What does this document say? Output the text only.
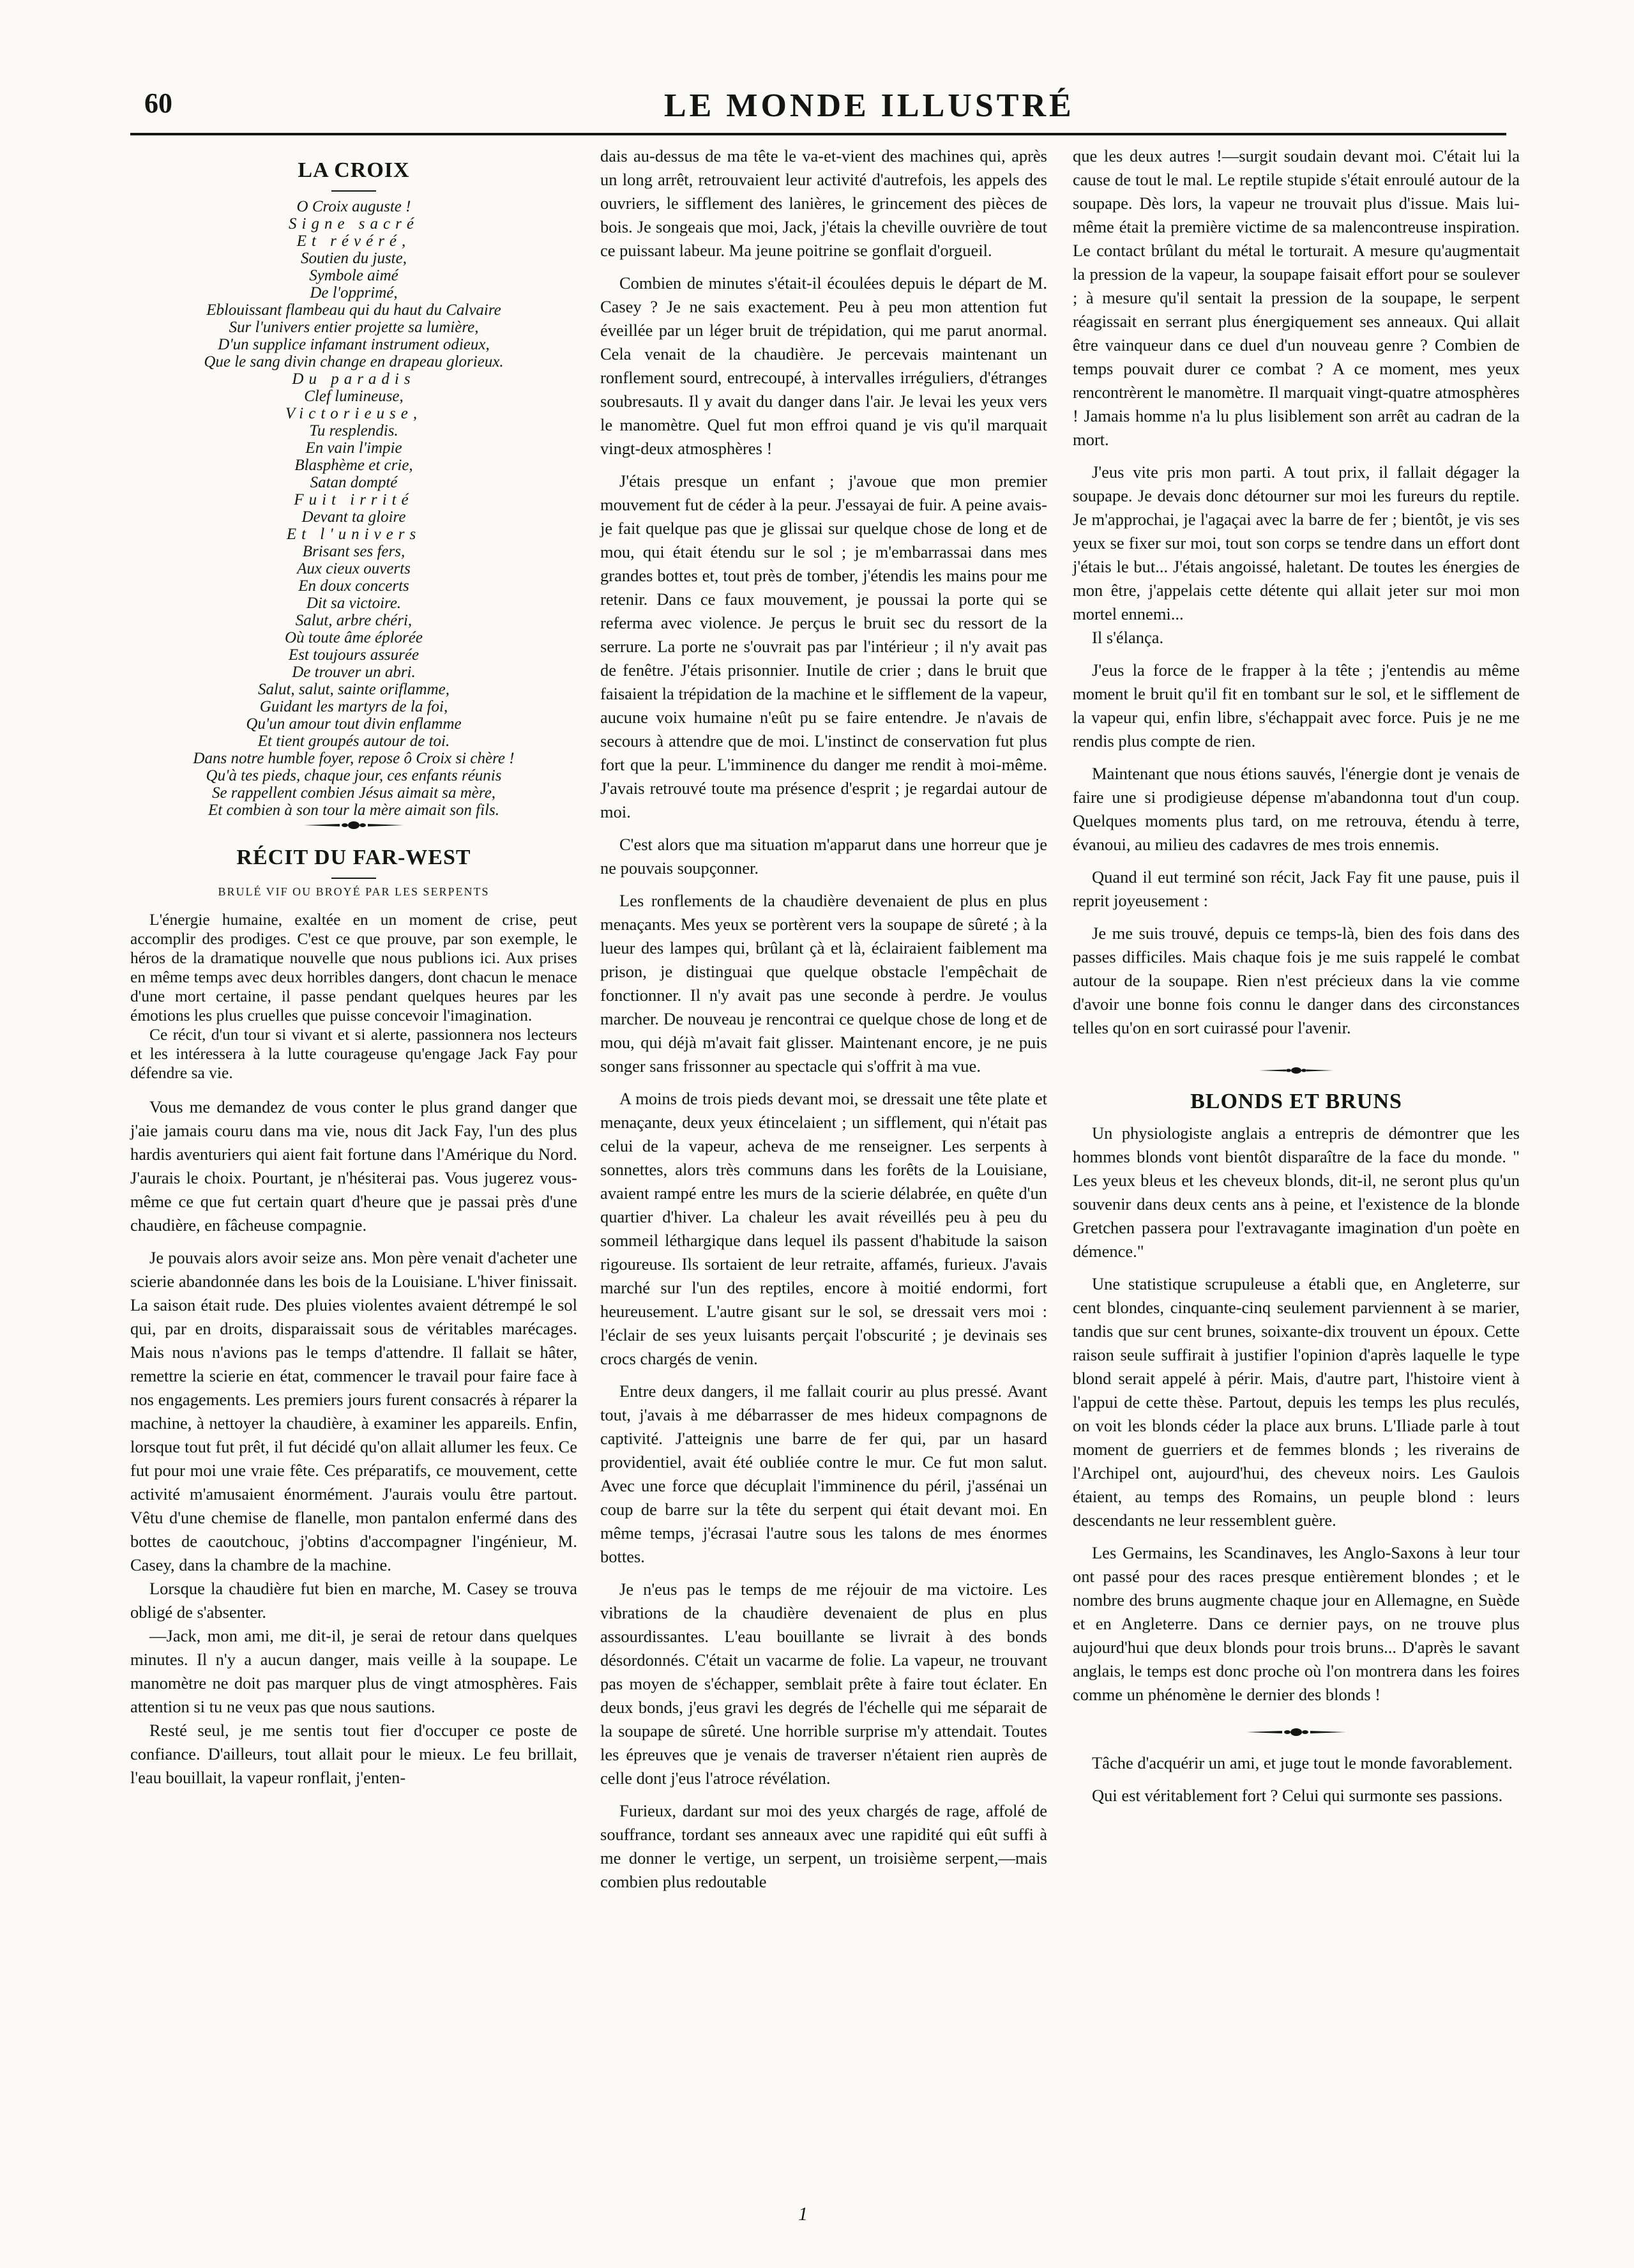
60	LE MONDE ILLUSTRÉ
LA CROIX
O Croix auguste !
Signe sacré
Et révéré,
Soutien du juste,
Symbole aimé
De l'opprimé,
Eblouissant flambeau qui du haut du Calvaire
Sur l'univers entier projette sa lumière,
D'un supplice infamant instrument odieux,
Que le sang divin change en drapeau glorieux.
Du paradis
Clef lumineuse,
Victorieuse,
Tu resplendis.
En vain l'impie
Blasphème et crie,
Satan dompté
Fuit irrité
Devant ta gloire
Et l'univers
Brisant ses fers,
Aux cieux ouverts
En doux concerts
Dit sa victoire.
Salut, arbre chéri,
Où toute âme éplorée
Est toujours assurée
De trouver un abri.
Salut, salut, sainte oriflamme,
Guidant les martyrs de la foi,
Qu'un amour tout divin enflamme
Et tient groupés autour de toi.
Dans notre humble foyer, repose ô Croix si chère !
Qu'à tes pieds, chaque jour, ces enfants réunis
Se rappellent combien Jésus aimait sa mère,
Et combien à son tour la mère aimait son fils.
RÉCIT DU FAR-WEST
BRULÉ VIF OU BROYÉ PAR LES SERPENTS

L'énergie humaine, exaltée en un moment de crise, peut accomplir des prodiges. C'est ce que prouve, par son exemple, le héros de la dramatique nouvelle que nous publions ici. Aux prises en même temps avec deux horribles dangers, dont chacun le menace d'une mort certaine, il passe pendant quelques heures par les émotions les plus cruelles que puisse concevoir l'imagination.

Ce récit, d'un tour si vivant et si alerte, passionnera nos lecteurs et les intéressera à la lutte courageuse qu'engage Jack Fay pour défendre sa vie.

Vous me demandez de vous conter le plus grand danger que j'aie jamais couru dans ma vie, nous dit Jack Fay, l'un des plus hardis aventuriers qui aient fait fortune dans l'Amérique du Nord. J'aurais le choix. Pourtant, je n'hésiterai pas. Vous jugerez vous-même ce que fut certain quart d'heure que je passai près d'une chaudière, en fâcheuse compagnie.

Je pouvais alors avoir seize ans. Mon père venait d'acheter une scierie abandonnée dans les bois de la Louisiane. L'hiver finissait. La saison était rude. Des pluies violentes avaient détrempé le sol qui, par en droits, disparaissait sous de véritables marécages. Mais nous n'avions pas le temps d'attendre. Il fallait se hâter, remettre la scierie en état, commencer le travail pour faire face à nos engagements. Les premiers jours furent consacrés à réparer la machine, à nettoyer la chaudière, à examiner les appareils. Enfin, lorsque tout fut prêt, il fut décidé qu'on allait allumer les feux. Ce fut pour moi une vraie fête. Ces préparatifs, ce mouvement, cette activité m'amusaient énormément. J'aurais voulu être partout. Vêtu d'une chemise de flanelle, mon pantalon enfermé dans des bottes de caoutchouc, j'obtins d'accompagner l'ingénieur, M. Casey, dans la chambre de la machine.

Lorsque la chaudière fut bien en marche, M. Casey se trouva obligé de s'absenter.

—Jack, mon ami, me dit-il, je serai de retour dans quelques minutes. Il n'y a aucun danger, mais veille à la soupape. Le manomètre ne doit pas marquer plus de vingt atmosphères. Fais attention si tu ne veux pas que nous sautions.

Resté seul, je me sentis tout fier d'occuper ce poste de confiance. D'ailleurs, tout allait pour le mieux. Le feu brillait, l'eau bouillait, la vapeur ronflait, j'enten-

dais au-dessus de ma tête le va-et-vient des machines qui, après un long arrêt, retrouvaient leur activité d'autrefois, les appels des ouvriers, le sifflement des lanières, le grincement des pièces de bois. Je songeais que moi, Jack, j'étais la cheville ouvrière de tout ce puissant labeur. Ma jeune poitrine se gonflait d'orgueil.

Combien de minutes s'était-il écoulées depuis le départ de M. Casey ? Je ne sais exactement. Peu à peu mon attention fut éveillée par un léger bruit de trépidation, qui me parut anormal. Cela venait de la chaudière. Je percevais maintenant un ronflement sourd, entrecoupé, à intervalles irréguliers, d'étranges soubresauts. Il y avait du danger dans l'air. Je levai les yeux vers le manomètre. Quel fut mon effroi quand je vis qu'il marquait vingt-deux atmosphères !

J'étais presque un enfant ; j'avoue que mon premier mouvement fut de céder à la peur. J'essayai de fuir. A peine avais-je fait quelque pas que je glissai sur quelque chose de long et de mou, qui était étendu sur le sol ; je m'embarrassai dans mes grandes bottes et, tout près de tomber, j'étendis les mains pour me retenir. Dans ce faux mouvement, je poussai la porte qui se referma avec violence. Je perçus le bruit sec du ressort de la serrure. La porte ne s'ouvrait pas par l'intérieur ; il n'y avait pas de fenêtre. J'étais prisonnier. Inutile de crier ; dans le bruit que faisaient la trépidation de la machine et le sifflement de la vapeur, aucune voix humaine n'eût pu se faire entendre. Je n'avais de secours à attendre que de moi. L'instinct de conservation fut plus fort que la peur. L'imminence du danger me rendit à moi-même. J'avais retrouvé toute ma présence d'esprit ; je regardai autour de moi.

C'est alors que ma situation m'apparut dans une horreur que je ne pouvais soupçonner.

Les ronflements de la chaudière devenaient de plus en plus menaçants. Mes yeux se portèrent vers la soupape de sûreté ; à la lueur des lampes qui, brûlant çà et là, éclairaient faiblement ma prison, je distinguai que quelque obstacle l'empêchait de fonctionner. Il n'y avait pas une seconde à perdre. Je voulus marcher. De nouveau je rencontrai ce quelque chose de long et de mou, qui déjà m'avait fait glisser. Maintenant encore, je ne puis songer sans frissonner au spectacle qui s'offrit à ma vue.

A moins de trois pieds devant moi, se dressait une tête plate et menaçante, deux yeux étincelaient ; un sifflement, qui n'était pas celui de la vapeur, acheva de me renseigner. Les serpents à sonnettes, alors très communs dans les forêts de la Louisiane, avaient rampé entre les murs de la scierie délabrée, en quête d'un quartier d'hiver. La chaleur les avait réveillés peu à peu du sommeil léthargique dans lequel ils passent d'habitude la saison rigoureuse. Ils sortaient de leur retraite, affamés, furieux. J'avais marché sur l'un des reptiles, encore à moitié endormi, fort heureusement. L'autre gisant sur le sol, se dressait vers moi : l'éclair de ses yeux luisants perçait l'obscurité ; je devinais ses crocs chargés de venin.

Entre deux dangers, il me fallait courir au plus pressé. Avant tout, j'avais à me débarrasser de mes hideux compagnons de captivité. J'atteignis une barre de fer qui, par un hasard providentiel, avait été oubliée contre le mur. Ce fut mon salut. Avec une force que décuplait l'imminence du péril, j'assénai un coup de barre sur la tête du serpent qui était devant moi. En même temps, j'écrasai l'autre sous les talons de mes énormes bottes.

Je n'eus pas le temps de me réjouir de ma victoire. Les vibrations de la chaudière devenaient de plus en plus assourdissantes. L'eau bouillante se livrait à des bonds désordonnés. C'était un vacarme de folie. La vapeur, ne trouvant pas moyen de s'échapper, semblait prête à faire tout éclater. En deux bonds, j'eus gravi les degrés de l'échelle qui me séparait de la soupape de sûreté. Une horrible surprise m'y attendait. Toutes les épreuves que je venais de traverser n'étaient rien auprès de celle dont j'eus l'atroce révélation.

Furieux, dardant sur moi des yeux chargés de rage, affolé de souffrance, tordant ses anneaux avec une rapidité qui eût suffi à me donner le vertige, un serpent, un troisième serpent,—mais combien plus redoutable

que les deux autres !—surgit soudain devant moi. C'était lui la cause de tout le mal. Le reptile stupide s'était enroulé autour de la soupape. Dès lors, la vapeur ne trouvait plus d'issue. Mais lui-même était la première victime de sa malencontreuse inspiration. Le contact brûlant du métal le torturait. A mesure qu'augmentait la pression de la vapeur, la soupape faisait effort pour se soulever ; à mesure qu'il sentait la pression de la soupape, le serpent réagissait en serrant plus énergiquement ses anneaux. Qui allait être vainqueur dans ce duel d'un nouveau genre ? Combien de temps pouvait durer ce combat ? A ce moment, mes yeux rencontrèrent le manomètre. Il marquait vingt-quatre atmosphères ! Jamais homme n'a lu plus lisiblement son arrêt au cadran de la mort.

J'eus vite pris mon parti. A tout prix, il fallait dégager la soupape. Je devais donc détourner sur moi les fureurs du reptile. Je m'approchai, je l'agaçai avec la barre de fer ; bientôt, je vis ses yeux se fixer sur moi, tout son corps se tendre dans un effort dont j'étais le but... J'étais angoissé, haletant. De toutes les énergies de mon être, j'appelais cette détente qui allait jeter sur moi mon mortel ennemi...

Il s'élança.

J'eus la force de le frapper à la tête ; j'entendis au même moment le bruit qu'il fit en tombant sur le sol, et le sifflement de la vapeur qui, enfin libre, s'échappait avec force. Puis je ne me rendis plus compte de rien.

Maintenant que nous étions sauvés, l'énergie dont je venais de faire une si prodigieuse dépense m'abandonna tout d'un coup. Quelques moments plus tard, on me retrouva, étendu à terre, évanoui, au milieu des cadavres de mes trois ennemis.

Quand il eut terminé son récit, Jack Fay fit une pause, puis il reprit joyeusement :

Je me suis trouvé, depuis ce temps-là, bien des fois dans des passes difficiles. Mais chaque fois je me suis rappelé le combat autour de la soupape. Rien n'est précieux dans la vie comme d'avoir une bonne fois connu le danger dans des circonstances telles qu'on en sort cuirassé pour l'avenir.

BLONDS ET BRUNS

Un physiologiste anglais a entrepris de démontrer que les hommes blonds vont bientôt disparaître de la face du monde. " Les yeux bleus et les cheveux blonds, dit-il, ne seront plus qu'un souvenir dans deux cents ans à peine, et l'existence de la blonde Gretchen passera pour l'extravagante imagination d'un poète en démence."

Une statistique scrupuleuse a établi que, en Angleterre, sur cent blondes, cinquante-cinq seulement parviennent à se marier, tandis que sur cent brunes, soixante-dix trouvent un époux. Cette raison seule suffirait à justifier l'opinion d'après laquelle le type blond serait appelé à périr. Mais, d'autre part, l'histoire vient à l'appui de cette thèse. Partout, depuis les temps les plus reculés, on voit les blonds céder la place aux bruns. L'Iliade parle à tout moment de guerriers et de femmes blonds ; les riverains de l'Archipel ont, aujourd'hui, des cheveux noirs. Les Gaulois étaient, au temps des Romains, un peuple blond : leurs descendants ne leur ressemblent guère.

Les Germains, les Scandinaves, les Anglo-Saxons à leur tour ont passé pour des races presque entièrement blondes ; et le nombre des bruns augmente chaque jour en Allemagne, en Suède et en Angleterre. Dans ce dernier pays, on ne trouve plus aujourd'hui que deux blonds pour trois bruns... D'après le savant anglais, le temps est donc proche où l'on montrera dans les foires comme un phénomène le dernier des blonds !

Tâche d'acquérir un ami, et juge tout le monde favorablement.

Qui est véritablement fort ? Celui qui surmonte ses passions.

1
